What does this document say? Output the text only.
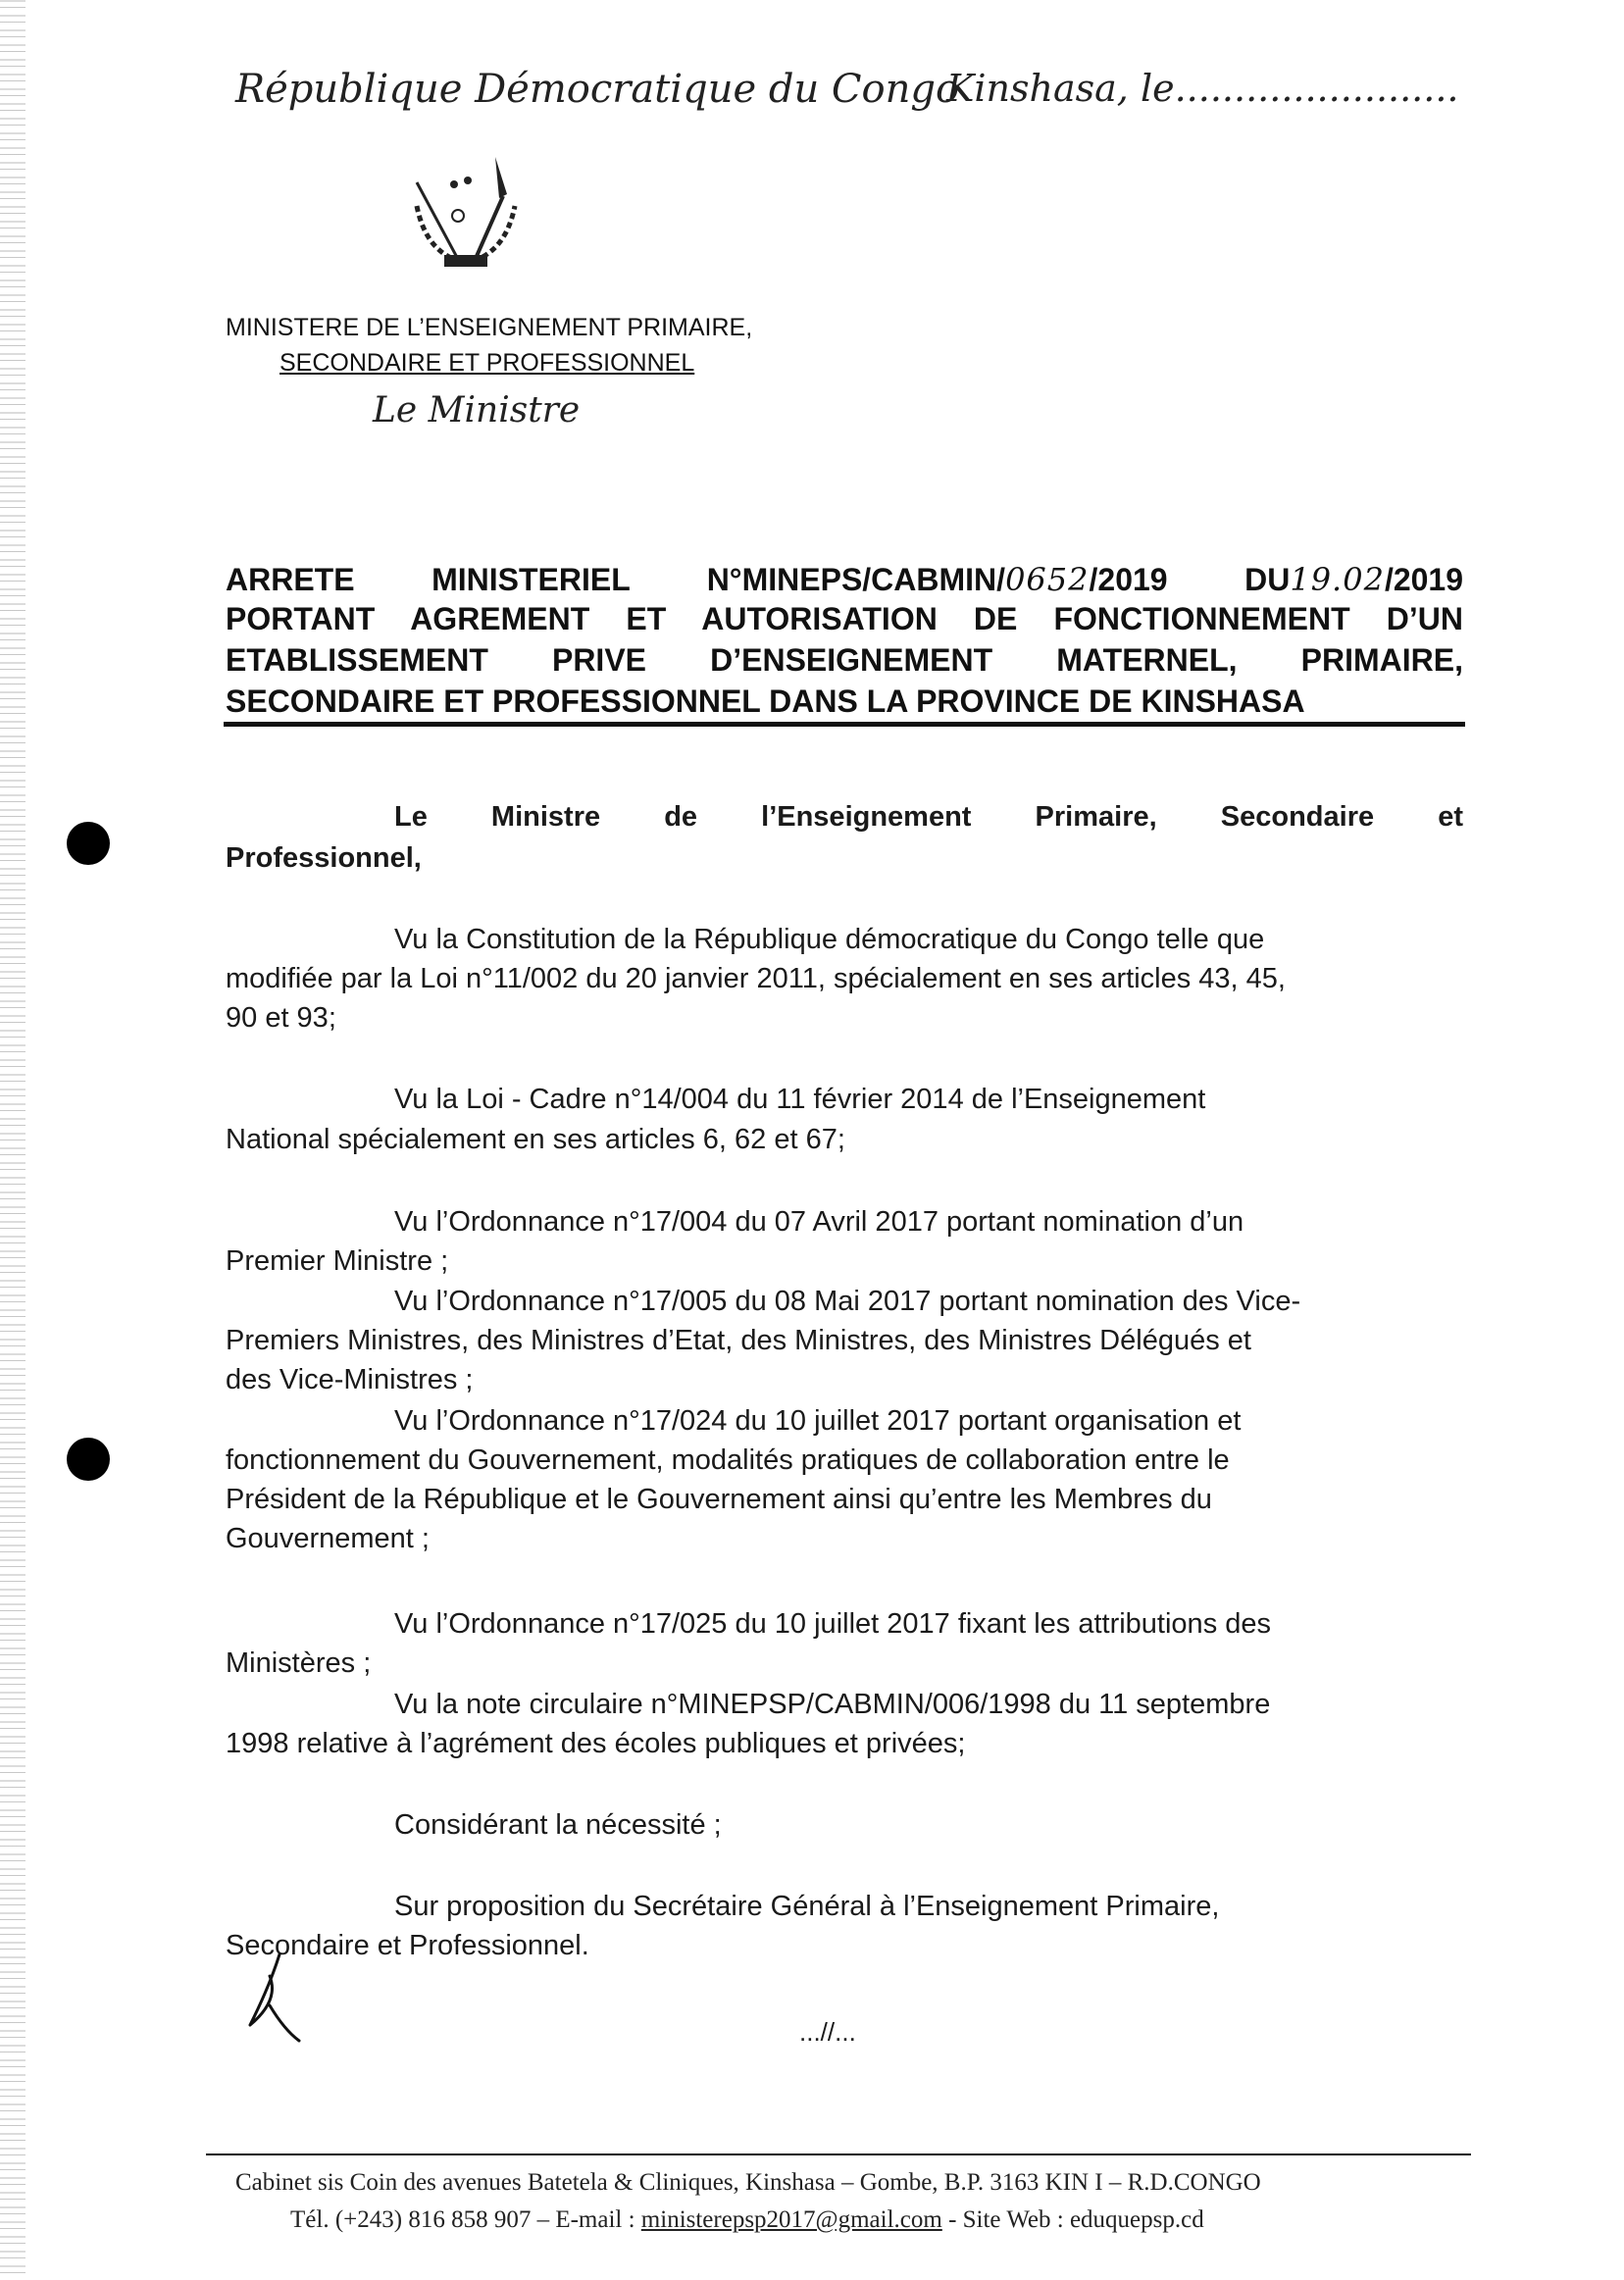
République Démocratique du Congo
Kinshasa, le........................
MINISTERE DE L’ENSEIGNEMENT PRIMAIRE,
SECONDAIRE ET PROFESSIONNEL
Le Ministre
ARRETE MINISTERIEL N°MINEPS/CABMIN/0652/2019 DU19.02/2019
PORTANT AGREMENT ET AUTORISATION DE FONCTIONNEMENT D’UN
ETABLISSEMENT PRIVE D’ENSEIGNEMENT MATERNEL, PRIMAIRE,
SECONDAIRE ET PROFESSIONNEL DANS LA PROVINCE DE KINSHASA
Le Ministre de l’Enseignement Primaire, Secondaire et
Professionnel,
Vu la Constitution de la République démocratique du Congo telle que
modifiée par la Loi n°11/002 du 20 janvier 2011, spécialement en ses articles 43, 45,
90 et 93;
Vu la Loi - Cadre n°14/004 du 11 février 2014 de l’Enseignement
National spécialement en ses articles 6, 62 et 67;
Vu l’Ordonnance n°17/004 du 07 Avril 2017 portant nomination d’un
Premier Ministre ;
Vu l’Ordonnance n°17/005 du 08 Mai 2017 portant nomination des Vice-
Premiers Ministres, des Ministres d’Etat, des Ministres, des Ministres Délégués et
des Vice-Ministres ;
Vu l’Ordonnance n°17/024 du 10 juillet 2017 portant organisation et
fonctionnement du Gouvernement, modalités pratiques de collaboration entre le
Président de la République et le Gouvernement ainsi qu’entre les Membres du
Gouvernement ;
Vu l’Ordonnance n°17/025 du 10 juillet 2017 fixant les attributions des
Ministères ;
Vu la note circulaire n°MINEPSP/CABMIN/006/1998 du 11 septembre
1998 relative à l’agrément des écoles publiques et privées;
Considérant la nécessité ;
Sur proposition du Secrétaire Général à l’Enseignement Primaire,
Secondaire et Professionnel.
...//...
Cabinet sis Coin des avenues Batetela & Cliniques, Kinshasa – Gombe, B.P. 3163 KIN I – R.D.CONGO
Tél. (+243) 816 858 907 – E-mail : ministerepsp2017@gmail.com - Site Web : eduquepsp.cd
